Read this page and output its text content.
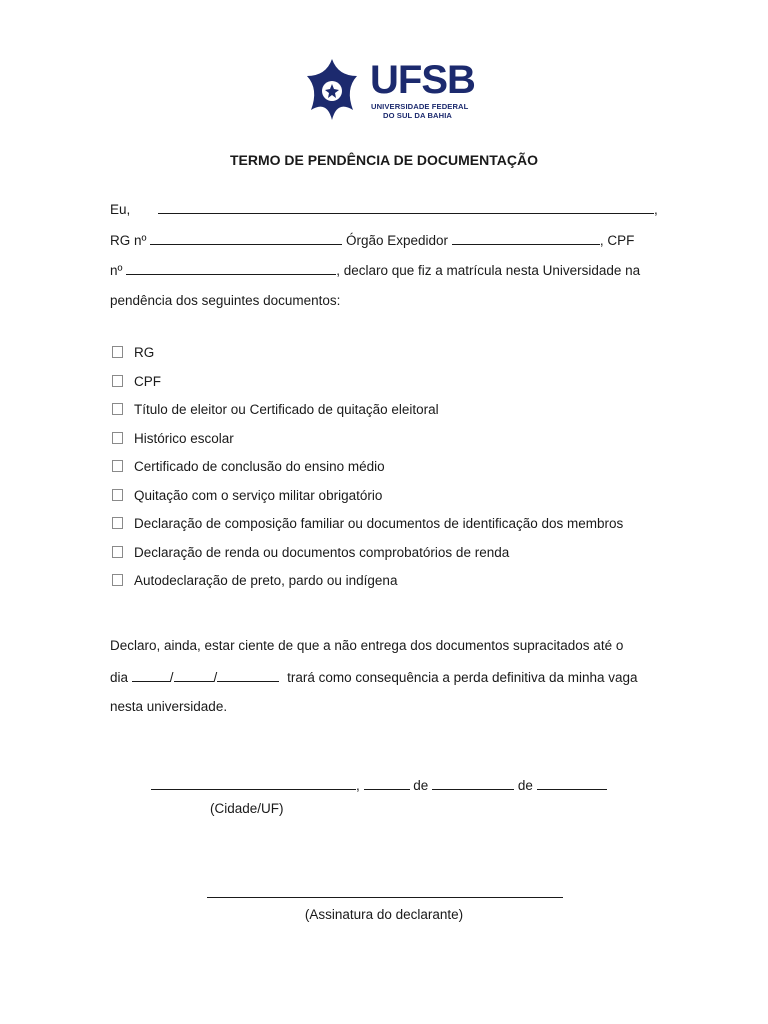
UFSB
UNIVERSIDADE FEDERAL
DO SUL DA BAHIA
TERMO DE PENDÊNCIA DE DOCUMENTAÇÃO
Eu,	,
RG nº	Órgão Expedidor	, CPF
nº	, declaro que fiz a matrícula nesta Universidade na
pendência dos seguintes documentos:
RG
CPF
Título de eleitor ou Certificado de quitação eleitoral
Histórico escolar
Certificado de conclusão do ensino médio
Quitação com o serviço militar obrigatório
Declaração de composição familiar ou documentos de identificação dos membros
Declaração de renda ou documentos comprobatórios de renda
Autodeclaração de preto, pardo ou indígena
Declaro, ainda, estar ciente de que a não entrega dos documentos supracitados até o
dia	/	/	trará como consequência a perda definitiva da minha vaga
nesta universidade.
,	de	de
(Cidade/UF)
(Assinatura do declarante)
